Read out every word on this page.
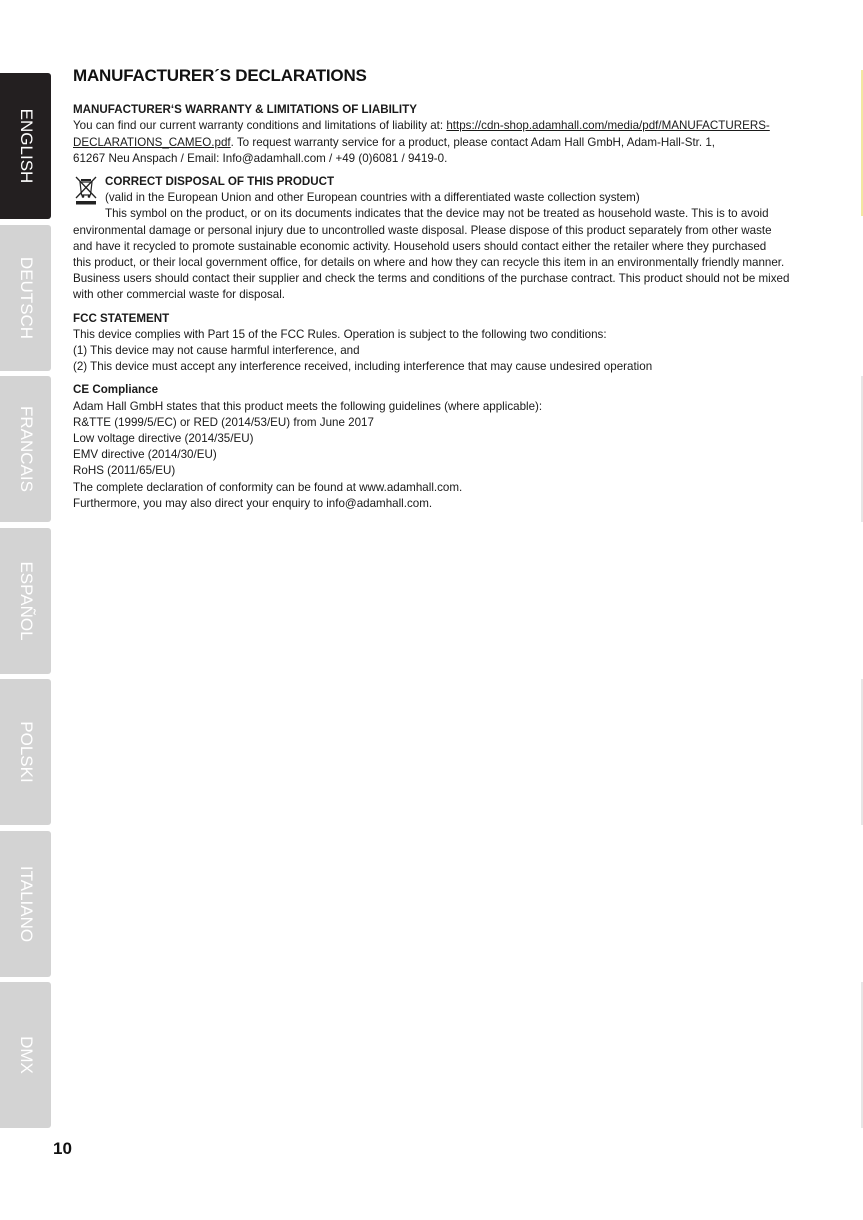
ENGLISH
DEUTSCH
FRANCAIS
ESPAÑOL
POLSKI
ITALIANO
DMX
MANUFACTURER´S DECLARATIONS

MANUFACTURER‘S WARRANTY & LIMITATIONS OF LIABILITY

You can find our current warranty conditions and limitations of liability at: https://cdn-shop.adamhall.com/media/pdf/MANUFACTURERS-DECLARATIONS_CAMEO.pdf. To request warranty service for a product, please contact Adam Hall GmbH, Adam-Hall-Str. 1,

61267 Neu Anspach / Email: Info@adamhall.com / +49 (0)6081 / 9419-0.

CORRECT DISPOSAL OF THIS PRODUCT

(valid in the European Union and other European countries with a differentiated waste collection system)

This symbol on the product, or on its documents indicates that the device may not be treated as household waste. This is to avoid

environmental damage or personal injury due to uncontrolled waste disposal. Please dispose of this product separately from other waste

and have it recycled to promote sustainable economic activity. Household users should contact either the retailer where they purchased

this product, or their local government office, for details on where and how they can recycle this item in an environmentally friendly manner.

Business users should contact their supplier and check the terms and conditions of the purchase contract. This product should not be mixed

with other commercial waste for disposal.

FCC STATEMENT

This device complies with Part 15 of the FCC Rules. Operation is subject to the following two conditions:

(1) This device may not cause harmful interference, and

(2) This device must accept any interference received, including interference that may cause undesired operation

CE Compliance

Adam Hall GmbH states that this product meets the following guidelines (where applicable):

R&TTE (1999/5/EC) or RED (2014/53/EU) from June 2017

Low voltage directive (2014/35/EU)

EMV directive (2014/30/EU)

RoHS (2011/65/EU)

The complete declaration of conformity can be found at www.adamhall.com.

Furthermore, you may also direct your enquiry to info@adamhall.com.

10
